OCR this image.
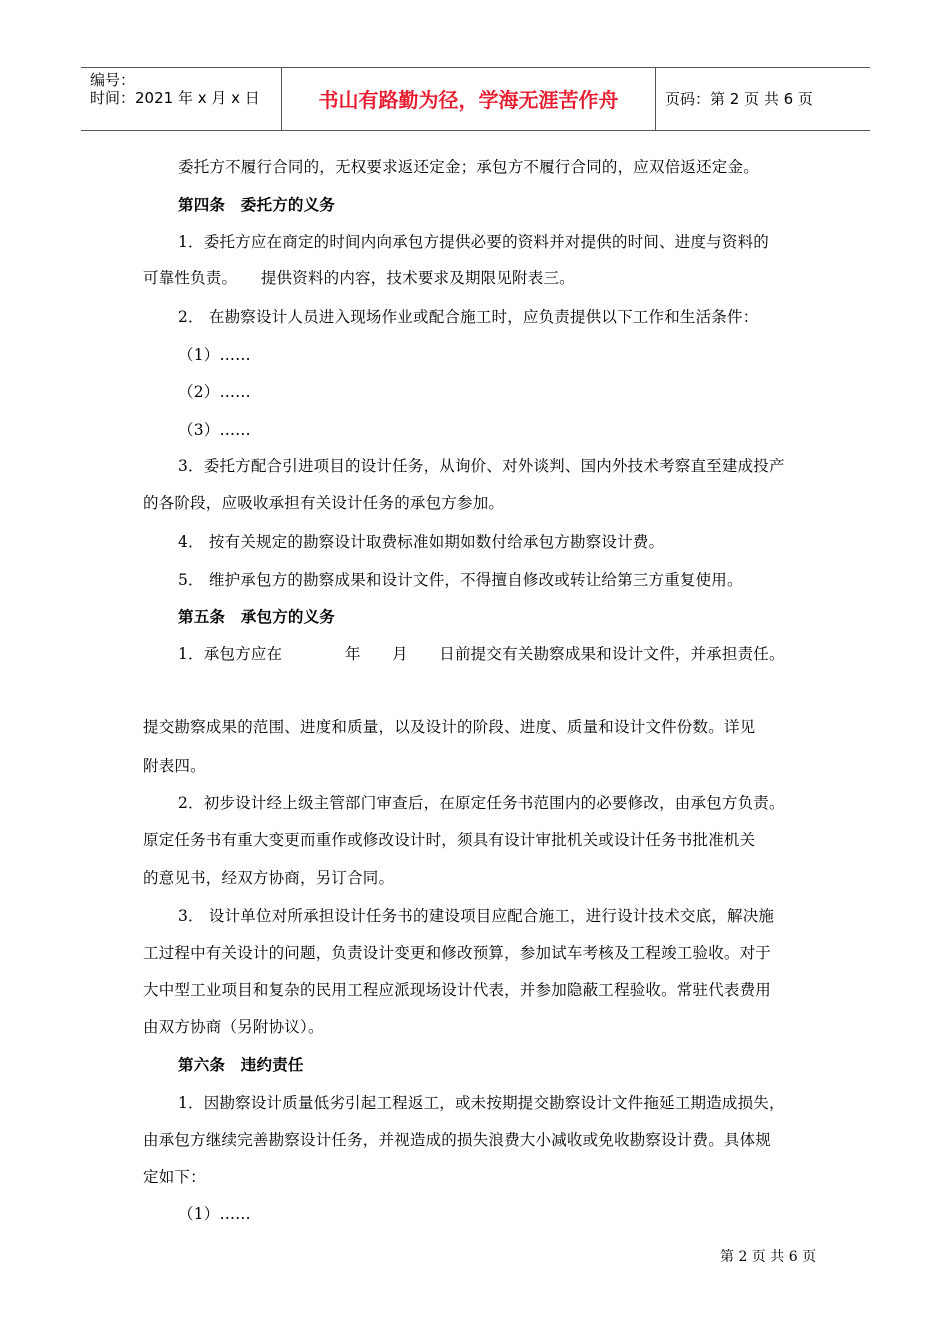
编号：
时间：2021 年 x 月 x 日	书山有路勤为径，学海无涯苦作舟	页码：第 2 页 共 6 页
委托方不履行合同的，无权要求返还定金；承包方不履行合同的，应双倍返还定金。
第四条　委托方的义务
1．委托方应在商定的时间内向承包方提供必要的资料并对提供的时间、进度与资料的
可靠性负责。　　提供资料的内容，技术要求及期限见附表三。
2． 在勘察设计人员进入现场作业或配合施工时，应负责提供以下工作和生活条件：
（1）……
（2）……
（3）……
3．委托方配合引进项目的设计任务，从询价、对外谈判、国内外技术考察直至建成投产
的各阶段，应吸收承担有关设计任务的承包方参加。
4． 按有关规定的勘察设计取费标准如期如数付给承包方勘察设计费。
5． 维护承包方的勘察成果和设计文件，不得擅自修改或转让给第三方重复使用。
第五条　承包方的义务
1．承包方应在　　　　年　　月　　日前提交有关勘察成果和设计文件，并承担责任。
提交勘察成果的范围、进度和质量，以及设计的阶段、进度、质量和设计文件份数。详见
附表四。
2．初步设计经上级主管部门审查后，在原定任务书范围内的必要修改，由承包方负责。
原定任务书有重大变更而重作或修改设计时，须具有设计审批机关或设计任务书批准机关
的意见书，经双方协商，另订合同。
3． 设计单位对所承担设计任务书的建设项目应配合施工，进行设计技术交底，解决施
工过程中有关设计的问题，负责设计变更和修改预算，参加试车考核及工程竣工验收。对于
大中型工业项目和复杂的民用工程应派现场设计代表，并参加隐蔽工程验收。常驻代表费用
由双方协商（另附协议）。
第六条　违约责任
1．因勘察设计质量低劣引起工程返工，或未按期提交勘察设计文件拖延工期造成损失，
由承包方继续完善勘察设计任务，并视造成的损失浪费大小减收或免收勘察设计费。具体规
定如下：
（1）……
第 2 页 共 6 页
